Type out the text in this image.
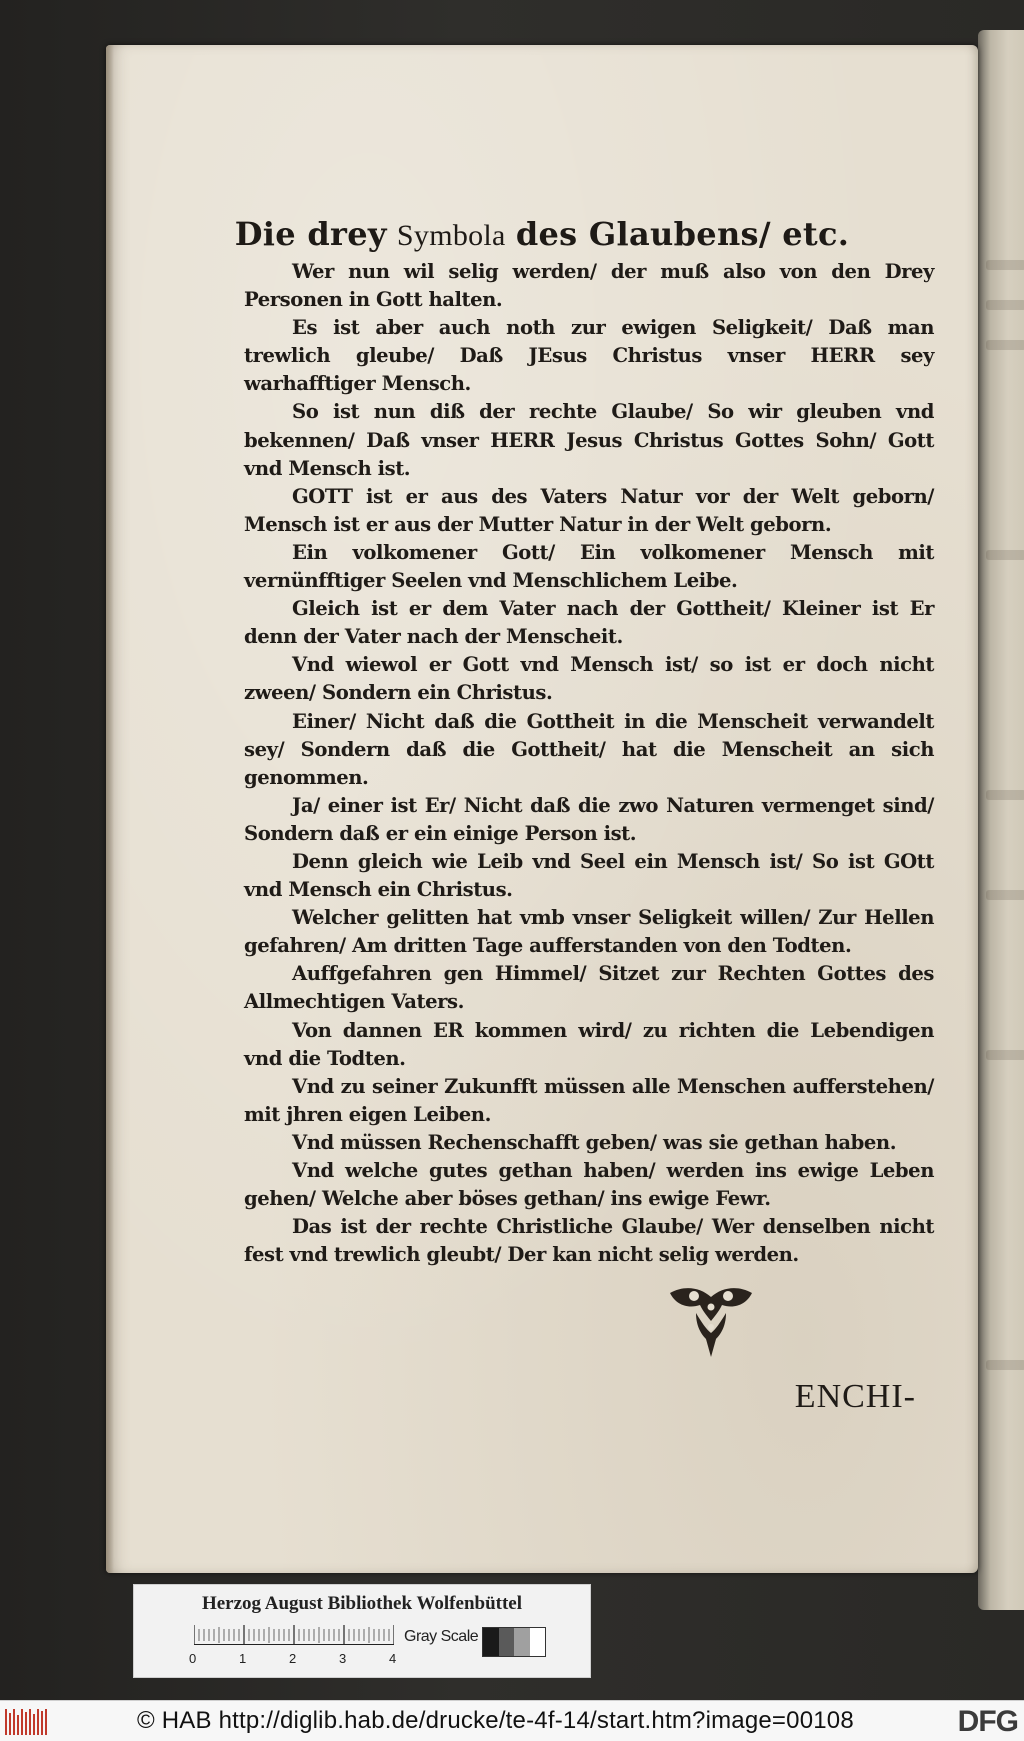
Die drey Symbola des Glaubens/ etc.

Wer nun wil selig werden/ der muß also von den Drey Personen in Gott halten.

Es ist aber auch noth zur ewigen Seligkeit/ Daß man trewlich gleube/ Daß JEsus Christus vnser HERR sey warhafftiger Mensch.

So ist nun diß der rechte Glaube/ So wir gleuben vnd bekennen/ Daß vnser HERR Jesus Christus Gottes Sohn/ Gott vnd Mensch ist.

GOTT ist er aus des Vaters Natur vor der Welt geborn/ Mensch ist er aus der Mutter Natur in der Welt geborn.

Ein volkomener Gott/ Ein volkomener Mensch mit vernünfftiger Seelen vnd Menschlichem Leibe.

Gleich ist er dem Vater nach der Gottheit/ Kleiner ist Er denn der Vater nach der Menscheit.

Vnd wiewol er Gott vnd Mensch ist/ so ist er doch nicht zween/ Sondern ein Christus.

Einer/ Nicht daß die Gottheit in die Menscheit verwandelt sey/ Sondern daß die Gottheit/ hat die Menscheit an sich genommen.

Ja/ einer ist Er/ Nicht daß die zwo Naturen vermenget sind/ Sondern daß er ein einige Person ist.

Denn gleich wie Leib vnd Seel ein Mensch ist/ So ist GOtt vnd Mensch ein Christus.

Welcher gelitten hat vmb vnser Seligkeit willen/ Zur Hellen gefahren/ Am dritten Tage aufferstanden von den Todten.

Auffgefahren gen Himmel/ Sitzet zur Rechten Gottes des Allmechtigen Vaters.

Von dannen ER kommen wird/ zu richten die Lebendigen vnd die Todten.

Vnd zu seiner Zukunfft müssen alle Menschen aufferstehen/ mit jhren eigen Leiben.

Vnd müssen Rechenschafft geben/ was sie gethan haben.

Vnd welche gutes gethan haben/ werden ins ewige Leben gehen/ Welche aber böses gethan/ ins ewige Fewr.

Das ist der rechte Christliche Glaube/ Wer denselben nicht fest vnd trewlich gleubt/ Der kan nicht selig werden.

ENCHI-
Herzog August Bibliothek Wolfenbüttel
0	1	2	3	4
Gray Scale
© HAB http://diglib.hab.de/drucke/te-4f-14/start.htm?image=00108	DFG
